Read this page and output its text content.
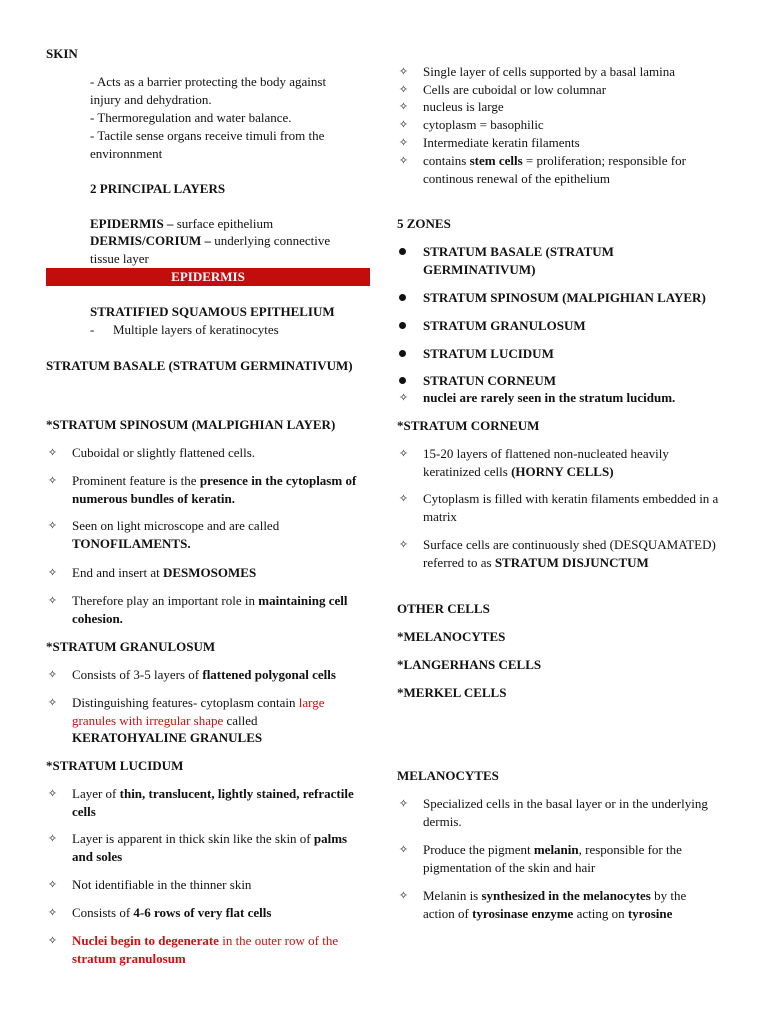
SKIN
- Acts as a barrier protecting the body against injury and dehydration.
- Thermoregulation and water balance.
- Tactile sense organs receive timuli from the environnment
2 PRINCIPAL LAYERS
EPIDERMIS – surface epithelium
DERMIS/CORIUM – underlying connective tissue layer
EPIDERMIS
STRATIFIED SQUAMOUS EPITHELIUM
- Multiple layers of keratinocytes
STRATUM BASALE (STRATUM GERMINATIVUM)
*STRATUM SPINOSUM (MALPIGHIAN LAYER)
✧ Cuboidal or slightly flattened cells.
✧ Prominent feature is the presence in the cytoplasm of numerous bundles of keratin.
✧ Seen on light microscope and are called TONOFILAMENTS.
✧ End and insert at DESMOSOMES
✧ Therefore play an important role in maintaining cell cohesion.
*STRATUM GRANULOSUM
✧ Consists of 3-5 layers of flattened polygonal cells
✧ Distinguishing features- cytoplasm contain large granules with irregular shape called KERATOHYALINE GRANULES
*STRATUM LUCIDUM
✧ Layer of thin, translucent, lightly stained, refractile cells
✧ Layer is apparent in thick skin like the skin of palms and soles
✧ Not identifiable in the thinner skin
✧ Consists of 4-6 rows of very flat cells
✧ Nuclei begin to degenerate in the outer row of the stratum granulosum
✧ Single layer of cells supported by a basal lamina
✧ Cells are cuboidal or low columnar
✧ nucleus is large
✧ cytoplasm = basophilic
✧ Intermediate keratin filaments
✧ contains stem cells = proliferation; responsible for continous renewal of the epithelium
5 ZONES
STRATUM BASALE (STRATUM GERMINATIVUM)
STRATUM SPINOSUM (MALPIGHIAN LAYER)
STRATUM GRANULOSUM
STRATUM LUCIDUM
STRATUN CORNEUM
✧ nuclei are rarely seen in the stratum lucidum.
*STRATUM CORNEUM
✧ 15-20 layers of flattened non-nucleated heavily keratinized cells (HORNY CELLS)
✧ Cytoplasm is filled with keratin filaments embedded in a matrix
✧ Surface cells are continuously shed (DESQUAMATED) referred to as STRATUM DISJUNCTUM
OTHER CELLS
*MELANOCYTES
*LANGERHANS CELLS
*MERKEL CELLS
MELANOCYTES
✧ Specialized cells in the basal layer or in the underlying dermis.
✧ Produce the pigment melanin, responsible for the pigmentation of the skin and hair
✧ Melanin is synthesized in the melanocytes by the action of tyrosinase enzyme acting on tyrosine
